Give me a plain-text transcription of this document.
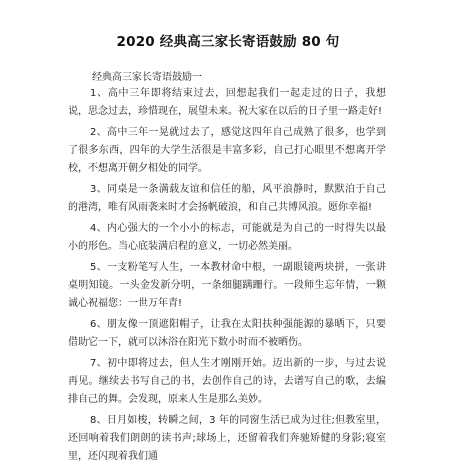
2020 经典高三家长寄语鼓励 80 句
经典高三家长寄语鼓励一

1、高中三年即将结束过去，回想起我们一起走过的日子，我想说，思念过去，珍惜现在，展望未来。祝大家在以后的日子里一路走好!

2、高中三年一晃就过去了，感觉这四年自己成熟了很多，也学到了很多东西，四年的大学生活很是丰富多彩，自己打心眼里不想离开学校，不想离开朝夕相处的同学。

3、同桌是一条满载友谊和信任的船，风平浪静时，默默泊于自己的港湾，唯有风雨袭来时才会扬帆破浪，和自己共博风浪。愿你幸福!

4、内心强大的一个小小的标志，可能就是为自己的一时得失以最小的形色。当心底装满启程的意义，一切必然美丽。

5、一支粉笔写人生，一本教材命中根，一副眼镜两块拼，一张讲桌明知镜。一头金发新分明，一条细腿蹒跚行。一段师生忘年情，一颗诚心祝福您：一世万年青!

6、朋友像一顶遮阳帽子，让我在太阳扶种强能源的暴晒下，只要借助它一下，就可以沐浴在阳光下数小时而不被晒伤。

7、初中即将过去，但人生才刚刚开始。迈出新的一步，与过去说再见。继续去书写自己的书，去创作自己的诗，去谱写自己的歌，去编排自己的舞。会发现，原来人生是那么美妙。

8、日月如梭，转瞬之间，3 年的同窗生活已成为过往;但教室里，还回响着我们朗朗的读书声;球场上，还留着我们奔驰矫健的身影;寝室里，还闪现着我们通
